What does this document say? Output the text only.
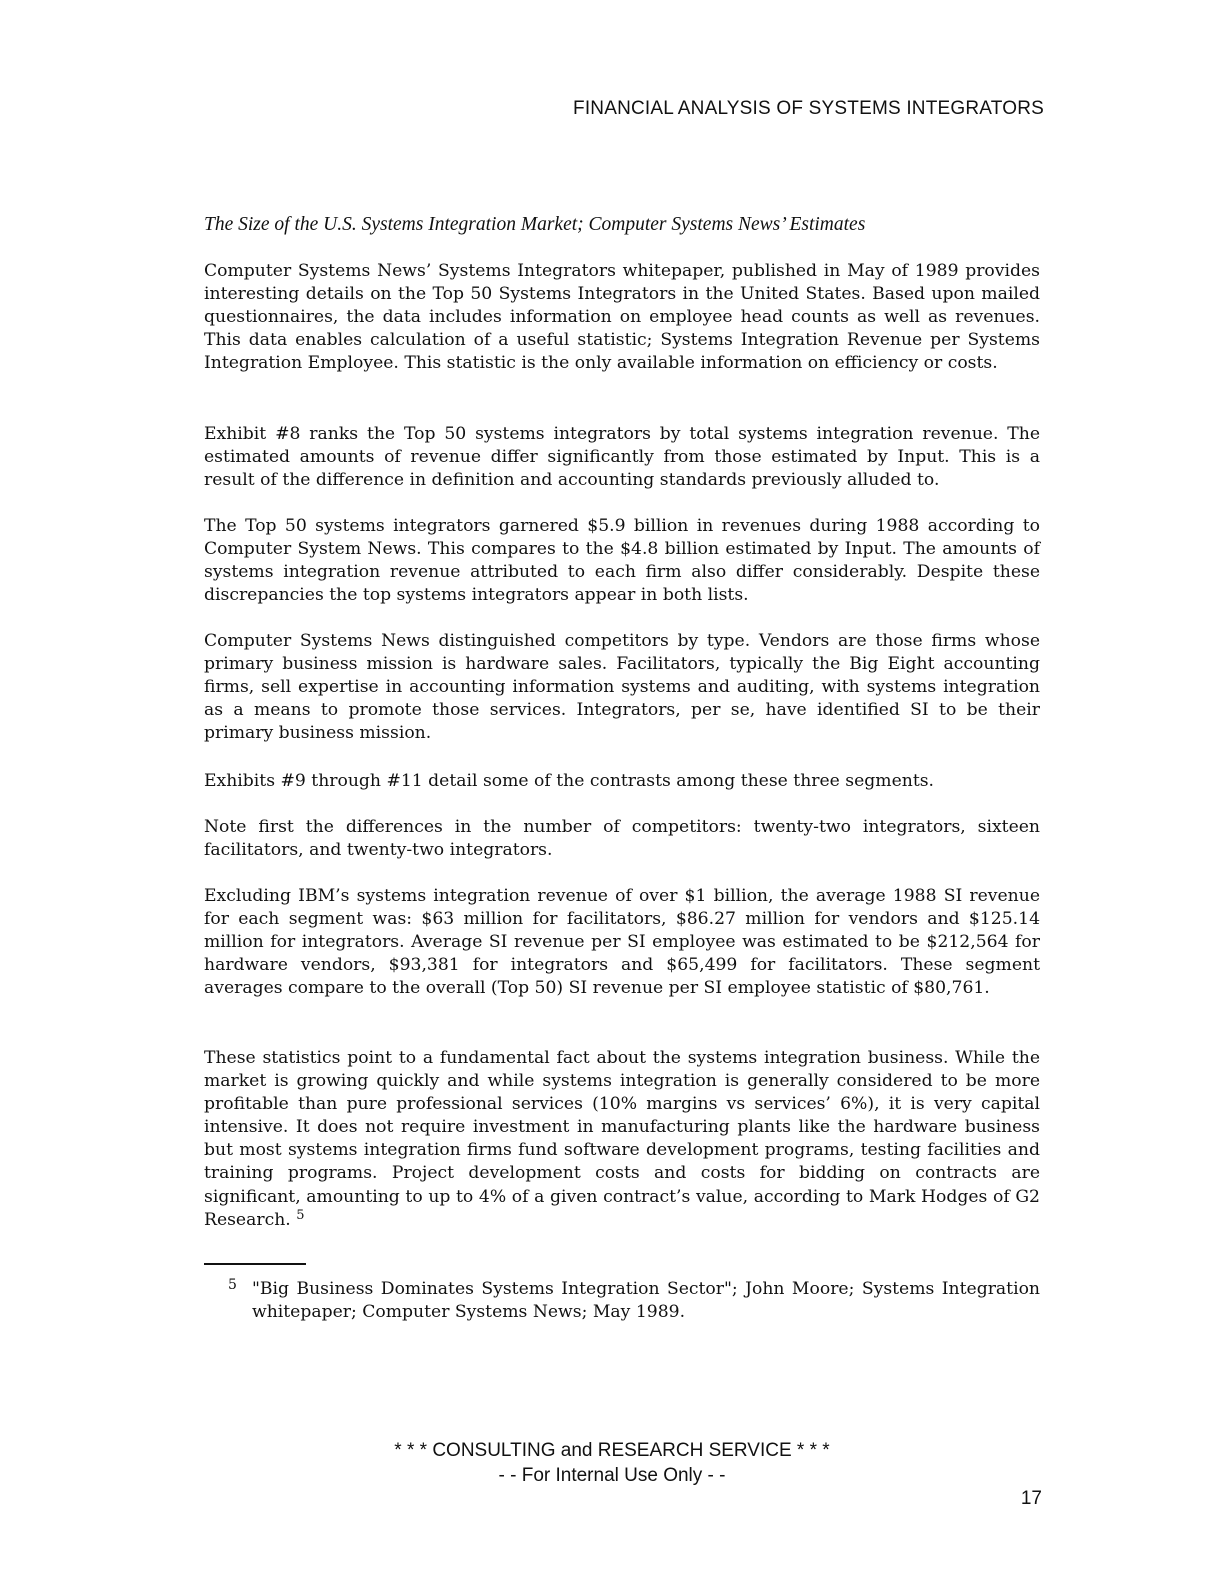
FINANCIAL ANALYSIS OF SYSTEMS INTEGRATORS
The Size of the U.S. Systems Integration Market; Computer Systems News’ Estimates

Computer Systems News’ Systems Integrators whitepaper, published in May of 1989 provides interesting details on the Top 50 Systems Integrators in the United States. Based upon mailed questionnaires, the data includes information on employee head counts as well as revenues. This data enables calculation of a useful statistic; Systems Integration Revenue per Systems Integration Employee. This statistic is the only available information on efficiency or costs.

Exhibit #8 ranks the Top 50 systems integrators by total systems integration revenue. The estimated amounts of revenue differ significantly from those estimated by Input. This is a result of the difference in definition and accounting standards previously alluded to.

The Top 50 systems integrators garnered $5.9 billion in revenues during 1988 according to Computer System News. This compares to the $4.8 billion estimated by Input. The amounts of systems integration revenue attributed to each firm also differ considerably. Despite these discrepancies the top systems integrators appear in both lists.

Computer Systems News distinguished competitors by type. Vendors are those firms whose primary business mission is hardware sales. Facilitators, typically the Big Eight accounting firms, sell expertise in accounting information systems and auditing, with systems integration as a means to promote those services. Integrators, per se, have identified SI to be their primary business mission.

Exhibits #9 through #11 detail some of the contrasts among these three segments.

Note first the differences in the number of competitors: twenty-two integrators, sixteen facilitators, and twenty-two integrators.

Excluding IBM’s systems integration revenue of over $1 billion, the average 1988 SI revenue for each segment was: $63 million for facilitators, $86.27 million for vendors and $125.14 million for integrators. Average SI revenue per SI employee was estimated to be $212,564 for hardware vendors, $93,381 for integrators and $65,499 for facilitators. These segment averages compare to the overall (Top 50) SI revenue per SI employee statistic of $80,761.

These statistics point to a fundamental fact about the systems integration business. While the market is growing quickly and while systems integration is generally considered to be more profitable than pure professional services (10% margins vs services’ 6%), it is very capital intensive. It does not require investment in manufacturing plants like the hardware business but most systems integration firms fund software development programs, testing facilities and training programs. Project development costs and costs for bidding on contracts are significant, amounting to up to 4% of a given contract’s value, according to Mark Hodges of G2 Research. $^5$

5 "Big Business Dominates Systems Integration Sector"; John Moore; Systems Integration whitepaper; Computer Systems News; May 1989.
* * * CONSULTING and RESEARCH SERVICE * * *
- - For Internal Use Only - -
17
